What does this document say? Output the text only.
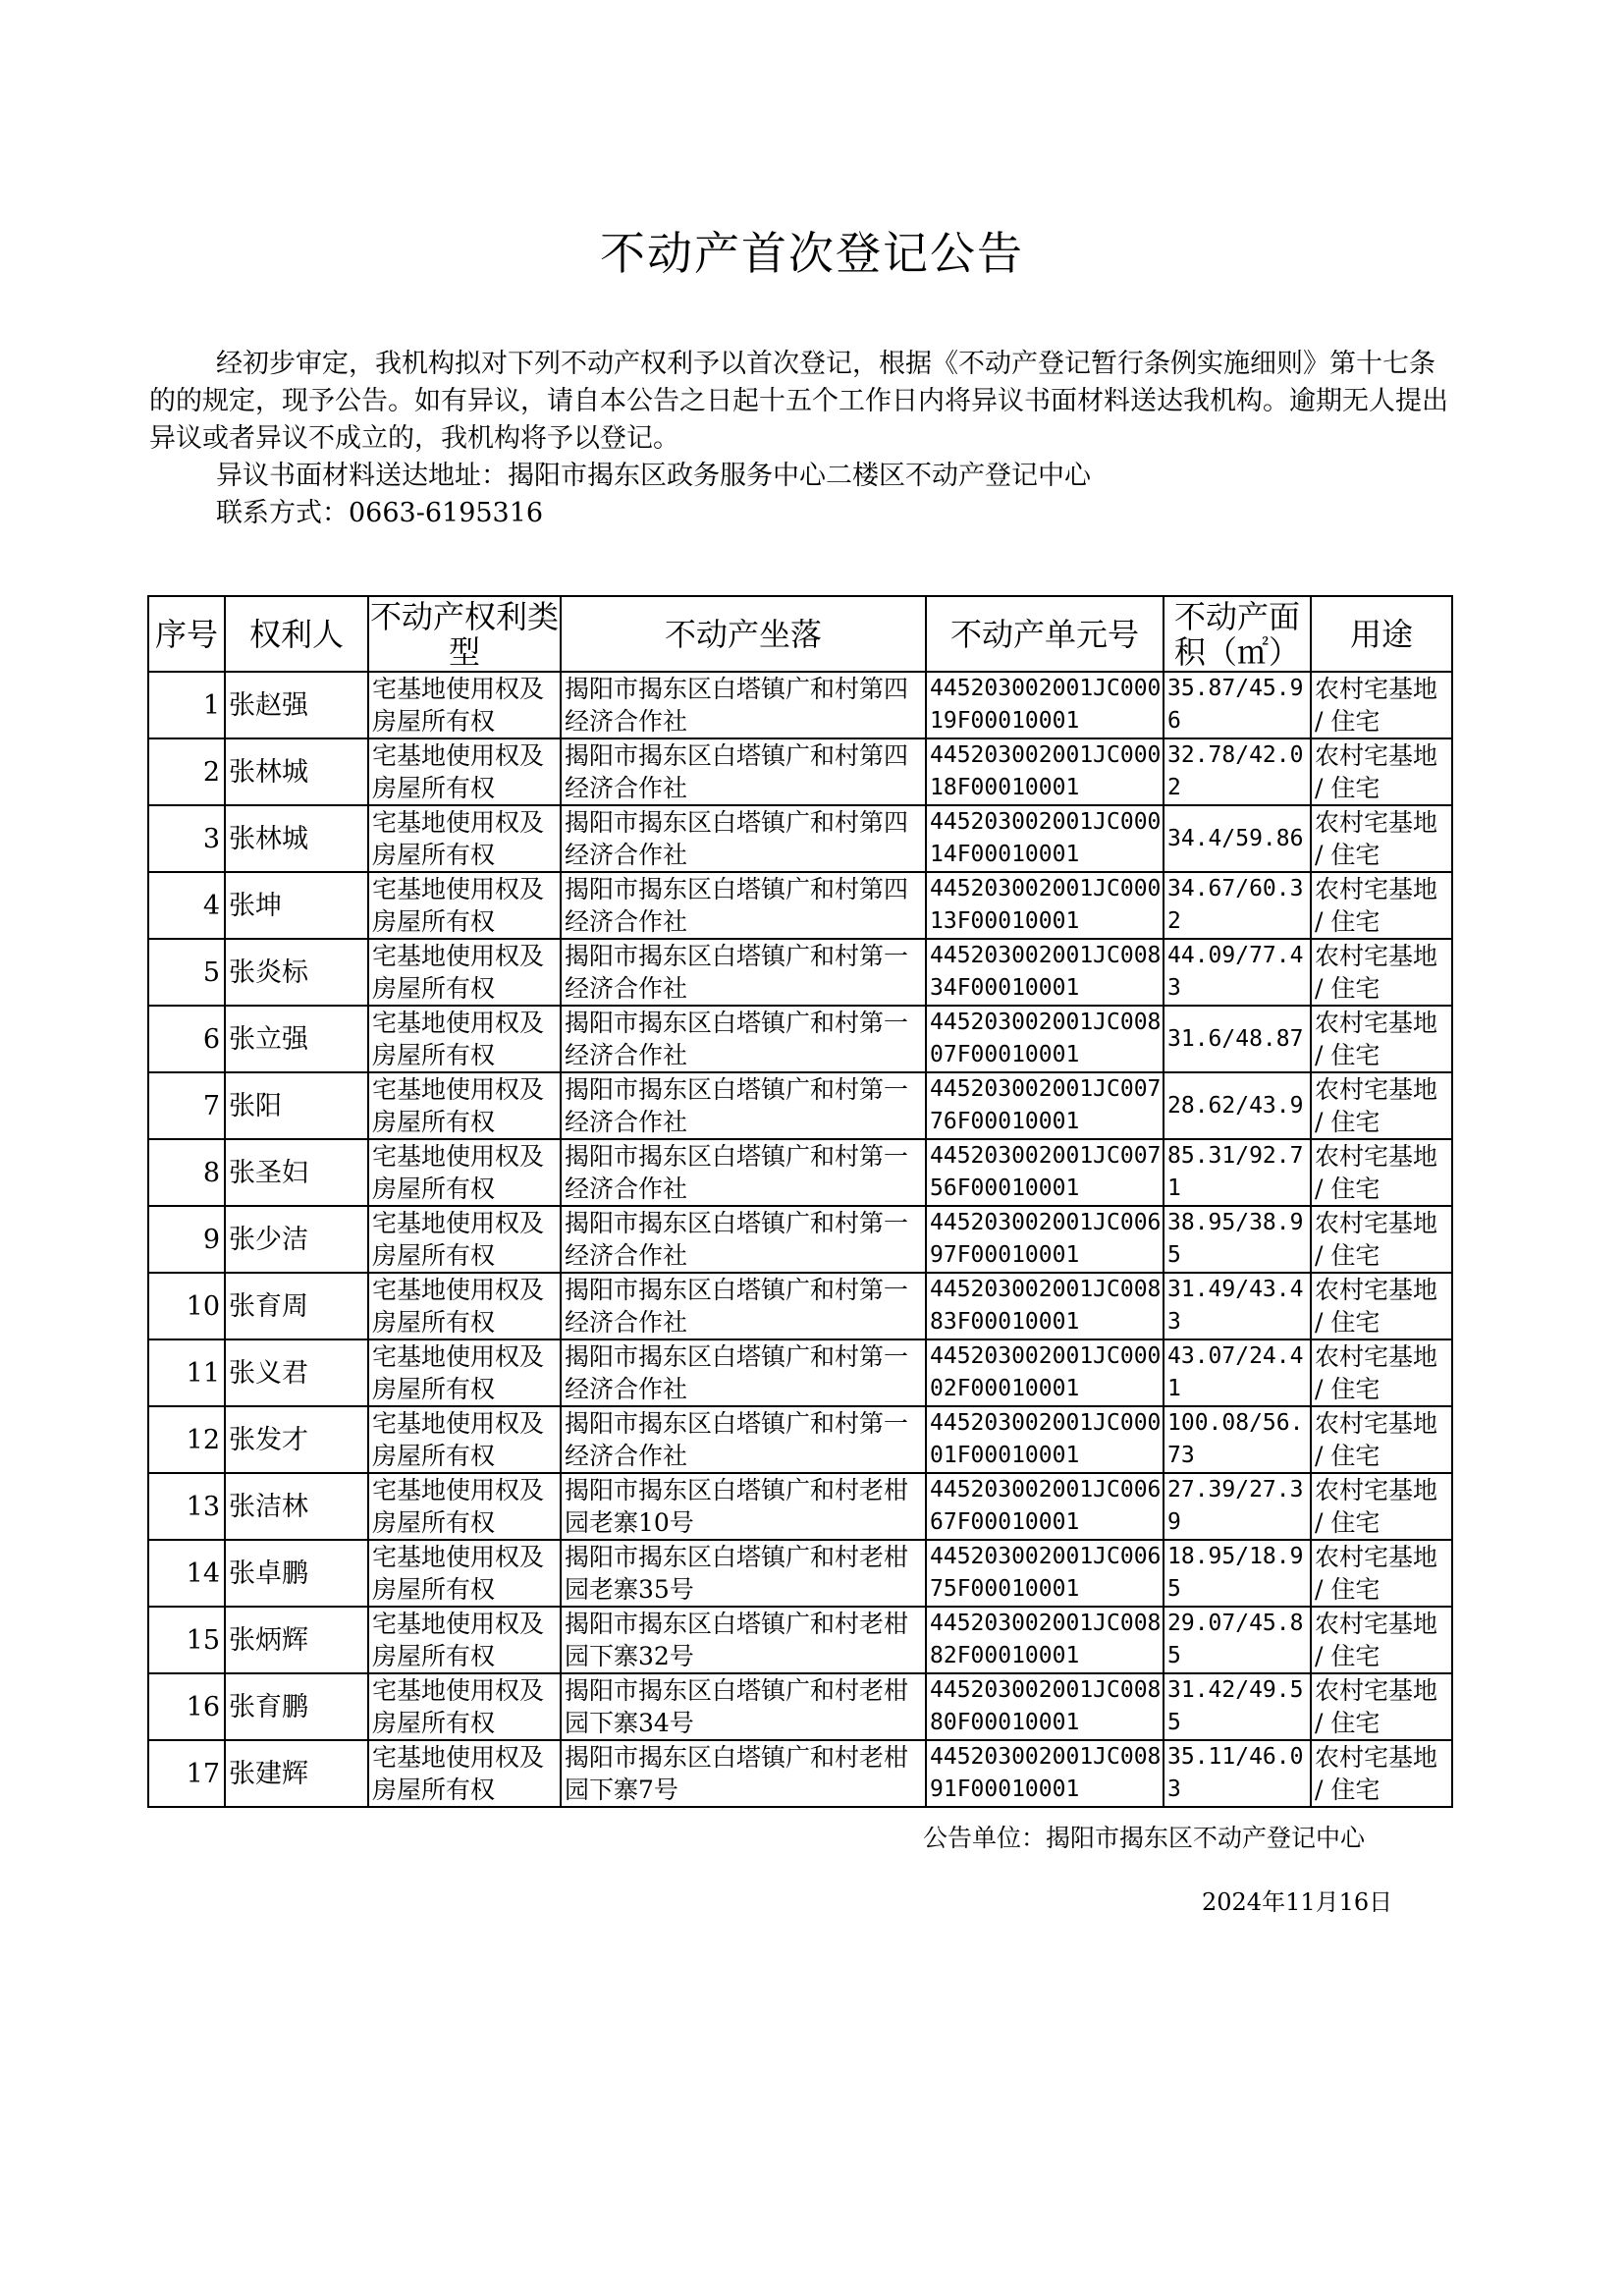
不动产首次登记公告

经初步审定，我机构拟对下列不动产权利予以首次登记，根据《不动产登记暂行条例实施细则》第十七条的的规定，现予公告。如有异议，请自本公告之日起十五个工作日内将异议书面材料送达我机构。逾期无人提出异议或者异议不成立的，我机构将予以登记。

异议书面材料送达地址：揭阳市揭东区政务服务中心二楼区不动产登记中心

联系方式：0663-6195316

序号	权利人	不动产权利类型	不动产坐落	不动产单元号	不动产面积（㎡）	用途
1	张赵强	宅基地使用权及房屋所有权	揭阳市揭东区白塔镇广和村第四经济合作社	445203002001JC00019F00010001	35.87/45.96	农村宅基地 / 住宅
2	张林城	宅基地使用权及房屋所有权	揭阳市揭东区白塔镇广和村第四经济合作社	445203002001JC00018F00010001	32.78/42.02	农村宅基地 / 住宅
3	张林城	宅基地使用权及房屋所有权	揭阳市揭东区白塔镇广和村第四经济合作社	445203002001JC00014F00010001	34.4/59.86	农村宅基地 / 住宅
4	张坤	宅基地使用权及房屋所有权	揭阳市揭东区白塔镇广和村第四经济合作社	445203002001JC00013F00010001	34.67/60.32	农村宅基地 / 住宅
5	张炎标	宅基地使用权及房屋所有权	揭阳市揭东区白塔镇广和村第一经济合作社	445203002001JC00834F00010001	44.09/77.43	农村宅基地 / 住宅
6	张立强	宅基地使用权及房屋所有权	揭阳市揭东区白塔镇广和村第一经济合作社	445203002001JC00807F00010001	31.6/48.87	农村宅基地 / 住宅
7	张阳	宅基地使用权及房屋所有权	揭阳市揭东区白塔镇广和村第一经济合作社	445203002001JC00776F00010001	28.62/43.9	农村宅基地 / 住宅
8	张圣妇	宅基地使用权及房屋所有权	揭阳市揭东区白塔镇广和村第一经济合作社	445203002001JC00756F00010001	85.31/92.71	农村宅基地 / 住宅
9	张少洁	宅基地使用权及房屋所有权	揭阳市揭东区白塔镇广和村第一经济合作社	445203002001JC00697F00010001	38.95/38.95	农村宅基地 / 住宅
10	张育周	宅基地使用权及房屋所有权	揭阳市揭东区白塔镇广和村第一经济合作社	445203002001JC00883F00010001	31.49/43.43	农村宅基地 / 住宅
11	张义君	宅基地使用权及房屋所有权	揭阳市揭东区白塔镇广和村第一经济合作社	445203002001JC00002F00010001	43.07/24.41	农村宅基地 / 住宅
12	张发才	宅基地使用权及房屋所有权	揭阳市揭东区白塔镇广和村第一经济合作社	445203002001JC00001F00010001	100.08/56.73	农村宅基地 / 住宅
13	张洁林	宅基地使用权及房屋所有权	揭阳市揭东区白塔镇广和村老柑园老寨10号	445203002001JC00667F00010001	27.39/27.39	农村宅基地 / 住宅
14	张卓鹏	宅基地使用权及房屋所有权	揭阳市揭东区白塔镇广和村老柑园老寨35号	445203002001JC00675F00010001	18.95/18.95	农村宅基地 / 住宅
15	张炳辉	宅基地使用权及房屋所有权	揭阳市揭东区白塔镇广和村老柑园下寨32号	445203002001JC00882F00010001	29.07/45.85	农村宅基地 / 住宅
16	张育鹏	宅基地使用权及房屋所有权	揭阳市揭东区白塔镇广和村老柑园下寨34号	445203002001JC00880F00010001	31.42/49.55	农村宅基地 / 住宅
17	张建辉	宅基地使用权及房屋所有权	揭阳市揭东区白塔镇广和村老柑园下寨7号	445203002001JC00891F00010001	35.11/46.03	农村宅基地 / 住宅
公告单位：揭阳市揭东区不动产登记中心
2024年11月16日
